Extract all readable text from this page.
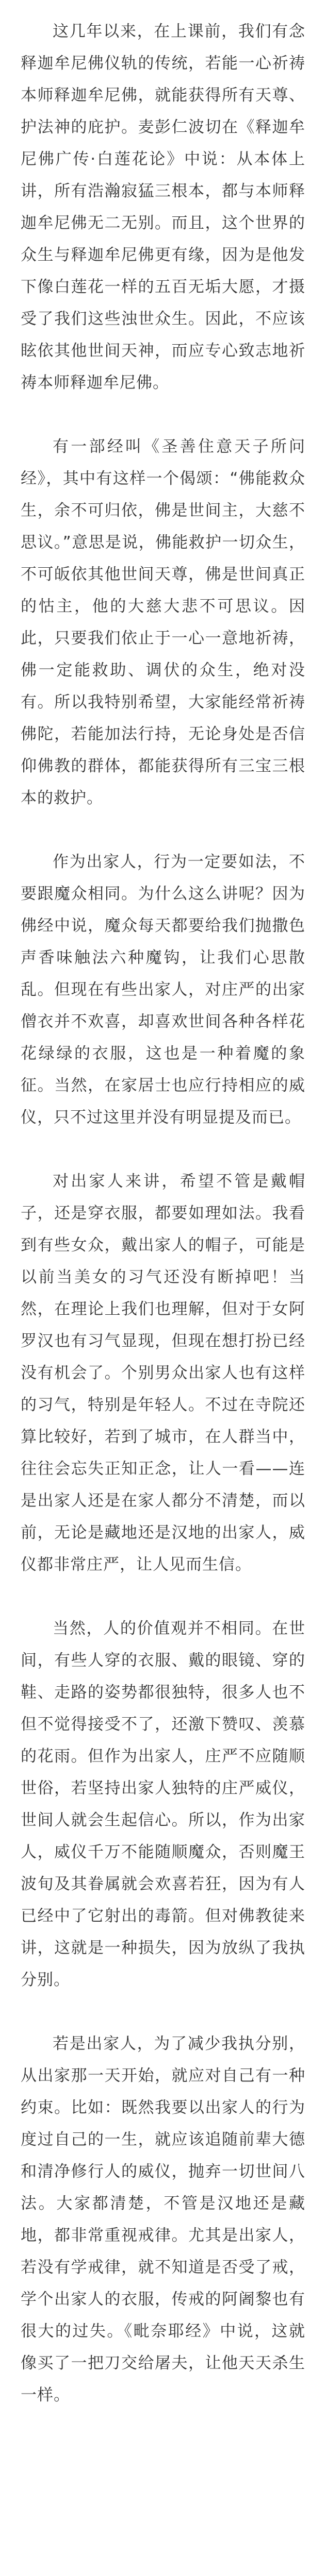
这几年以来，在上课前，我们有念释迦牟尼佛仪轨的传统，若能一心祈祷本师释迦牟尼佛，就能获得所有天尊、护法神的庇护。麦彭仁波切在《释迦牟尼佛广传·白莲花论》中说：从本体上讲，所有浩瀚寂猛三根本，都与本师释迦牟尼佛无二无别。而且，这个世界的众生与释迦牟尼佛更有缘，因为是他发下像白莲花一样的五百无垢大愿，才摄受了我们这些浊世众生。因此，不应该眩依其他世间天神，而应专心致志地祈祷本师释迦牟尼佛。

有一部经叫《圣善住意天子所问经》，其中有这样一个偈颂：“佛能救众生，余不可归依，佛是世间主，大慈不思议。”意思是说，佛能救护一切众生，不可皈依其他世间天尊，佛是世间真正的怙主，他的大慈大悲不可思议。因此，只要我们依止于一心一意地祈祷，佛一定能救助、调伏的众生，绝对没有。所以我特别希望，大家能经常祈祷佛陀，若能加法行持，无论身处是否信仰佛教的群体，都能获得所有三宝三根本的救护。

作为出家人，行为一定要如法，不要跟魔众相同。为什么这么讲呢？因为佛经中说，魔众每天都要给我们抛撒色声香味触法六种魔钩，让我们心思散乱。但现在有些出家人，对庄严的出家僧衣并不欢喜，却喜欢世间各种各样花花绿绿的衣服，这也是一种着魔的象征。当然，在家居士也应行持相应的威仪，只不过这里并没有明显提及而已。

对出家人来讲，希望不管是戴帽子，还是穿衣服，都要如理如法。我看到有些女众，戴出家人的帽子，可能是以前当美女的习气还没有断掉吧！当然，在理论上我们也理解，但对于女阿罗汉也有习气显现，但现在想打扮已经没有机会了。个别男众出家人也有这样的习气，特别是年轻人。不过在寺院还算比较好，若到了城市，在人群当中，往往会忘失正知正念，让人一看——连是出家人还是在家人都分不清楚，而以前，无论是藏地还是汉地的出家人，威仪都非常庄严，让人见而生信。

当然，人的价值观并不相同。在世间，有些人穿的衣服、戴的眼镜、穿的鞋、走路的姿势都很独特，很多人也不但不觉得接受不了，还激下赞叹、羡慕的花雨。但作为出家人，庄严不应随顺世俗，若坚持出家人独特的庄严威仪，世间人就会生起信心。所以，作为出家人，威仪千万不能随顺魔众，否则魔王波旬及其眷属就会欢喜若狂，因为有人已经中了它射出的毒箭。但对佛教徒来讲，这就是一种损失，因为放纵了我执分别。

若是出家人，为了减少我执分别，从出家那一天开始，就应对自己有一种约束。比如：既然我要以出家人的行为度过自己的一生，就应该追随前辈大德和清净修行人的威仪，抛弃一切世间八法。大家都清楚，不管是汉地还是藏地，都非常重视戒律。尤其是出家人，若没有学戒律，就不知道是否受了戒，学个出家人的衣服，传戒的阿阇黎也有很大的过失。《毗奈耶经》中说，这就像买了一把刀交给屠夫，让他天天杀生一样。
